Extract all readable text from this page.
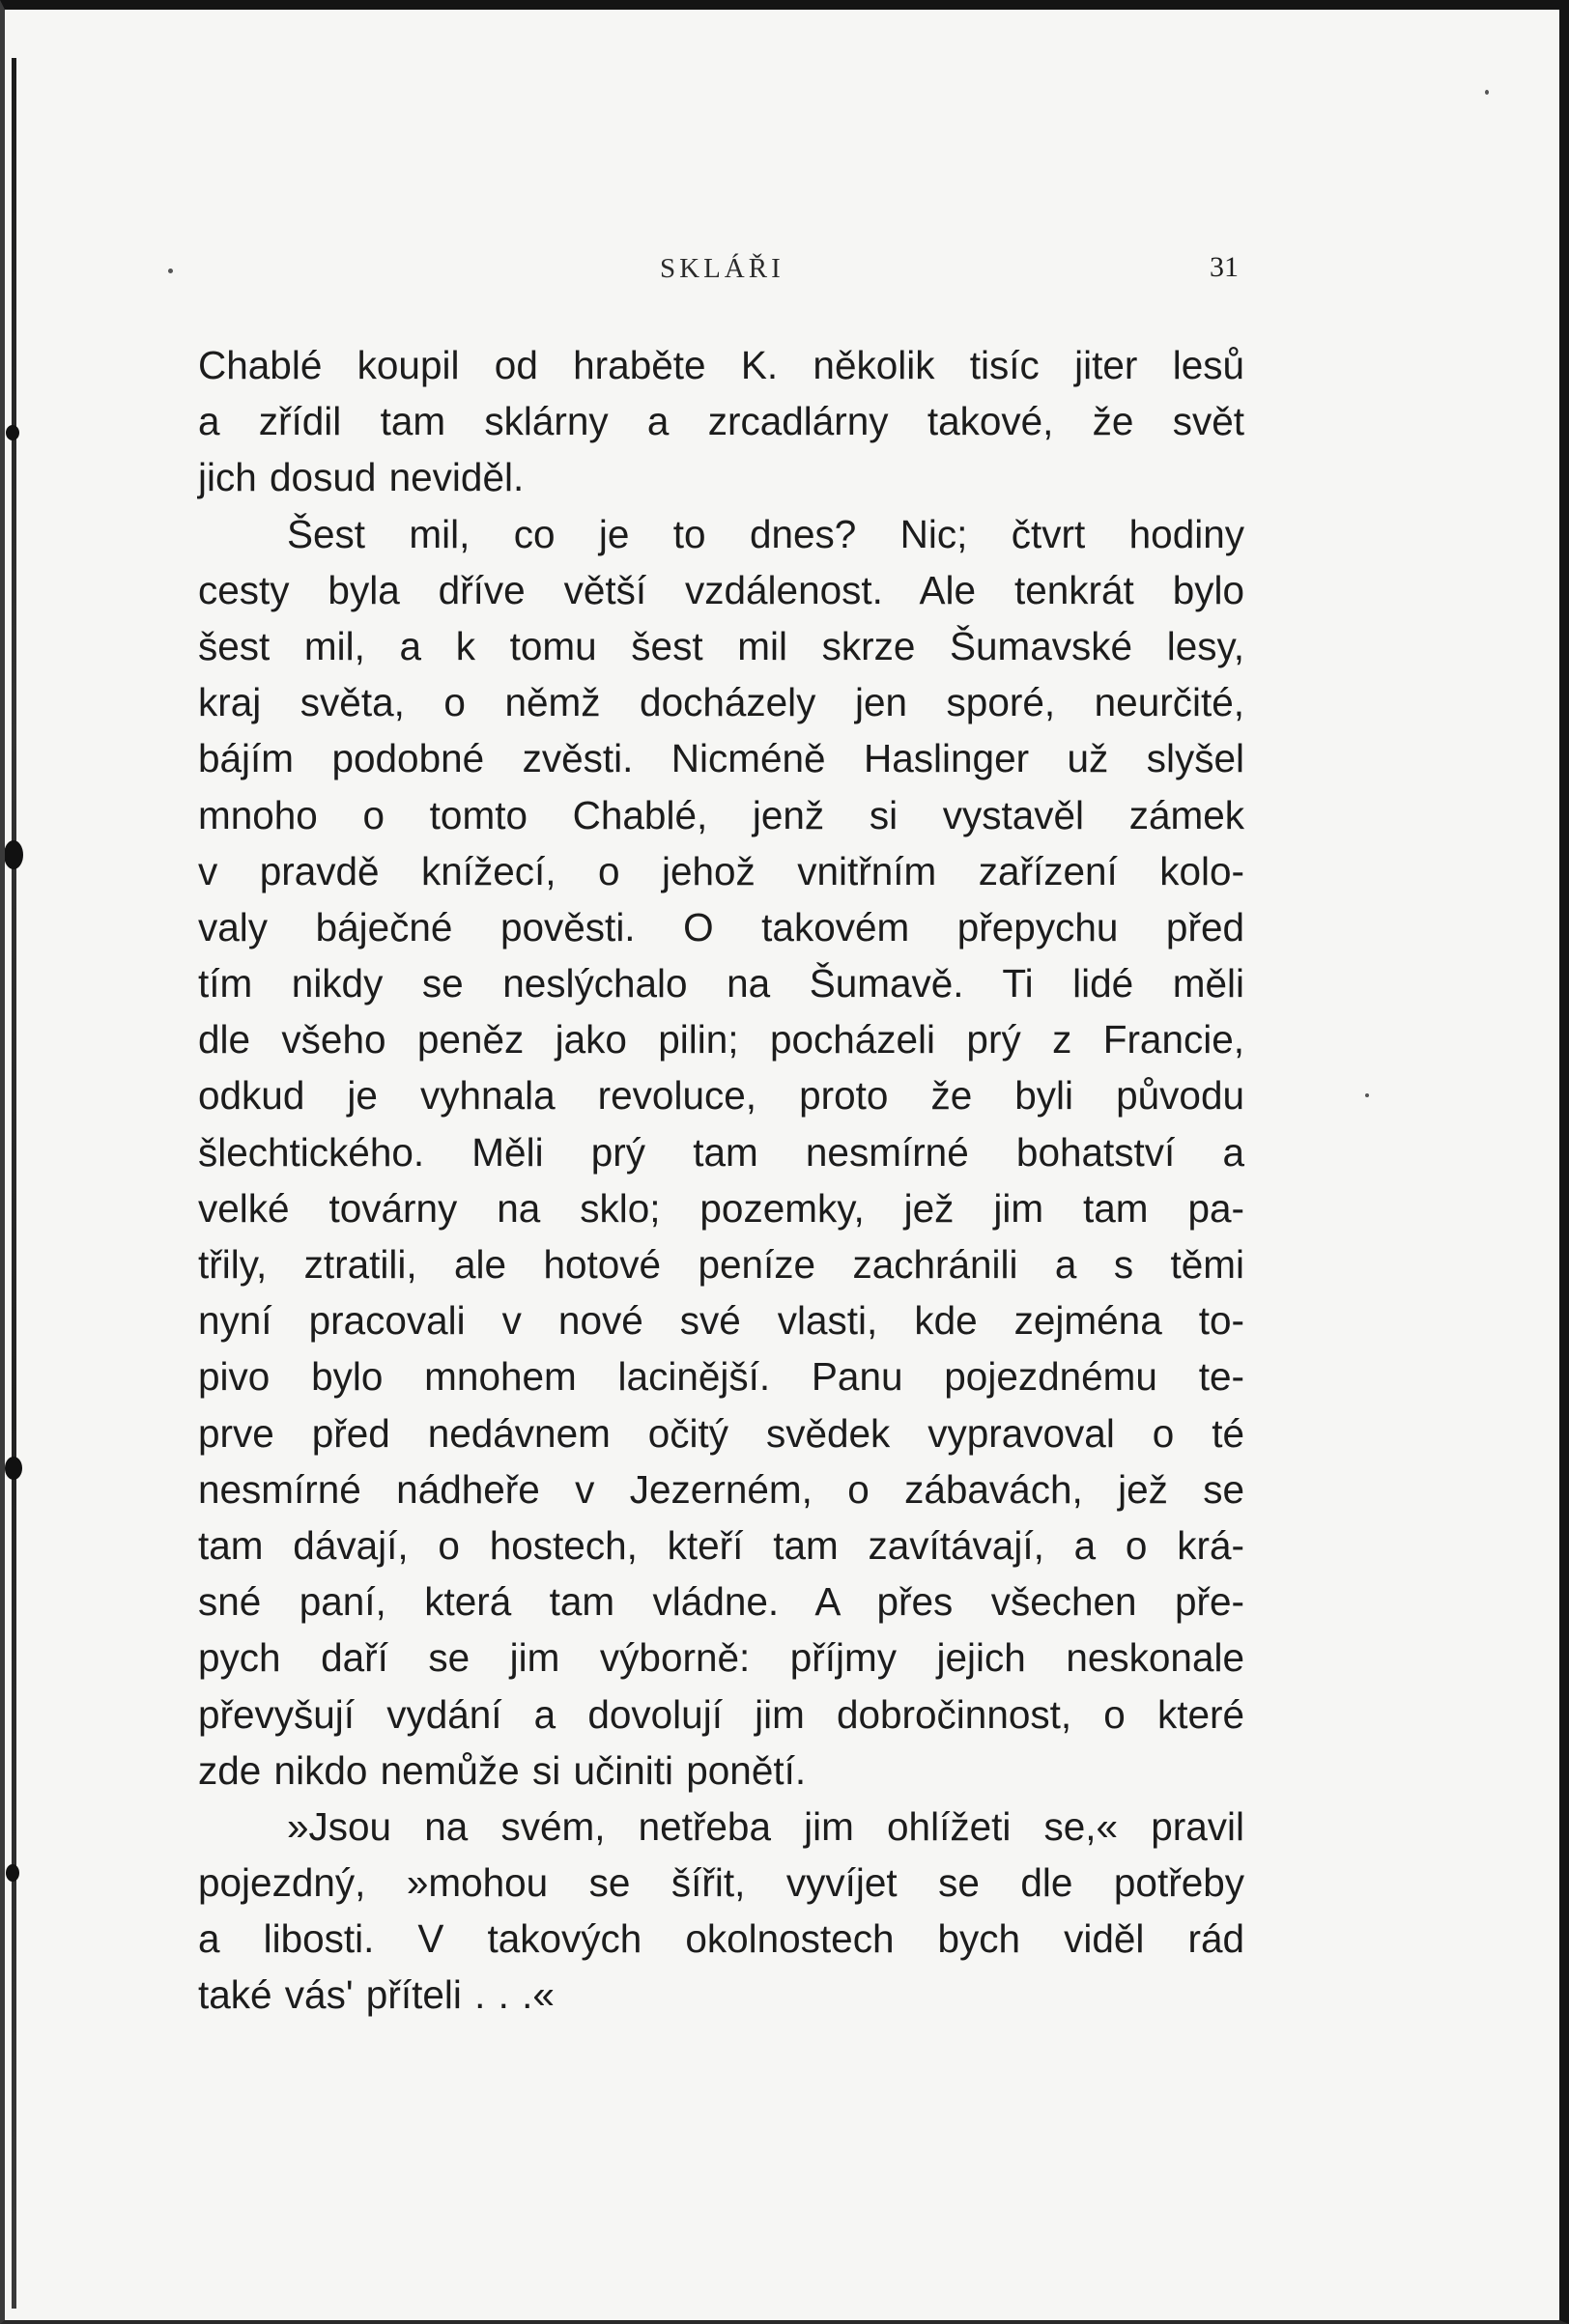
SKLÁŘI	31
Chablé koupil od hraběte K. několik tisíc jiter lesů
a zřídil tam sklárny a zrcadlárny takové, že svět
jich dosud neviděl.
Šest mil, co je to dnes? Nic; čtvrt hodiny
cesty byla dříve větší vzdálenost. Ale tenkrát bylo
šest mil, a k tomu šest mil skrze Šumavské lesy,
kraj světa, o němž docházely jen sporé, neurčité,
bájím podobné zvěsti. Nicméně Haslinger už slyšel
mnoho o tomto Chablé, jenž si vystavěl zámek
v pravdě knížecí, o jehož vnitřním zařízení kolo-
valy báječné pověsti. O takovém přepychu před
tím nikdy se neslýchalo na Šumavě. Ti lidé měli
dle všeho peněz jako pilin; pocházeli prý z Francie,
odkud je vyhnala revoluce, proto že byli původu
šlechtického. Měli prý tam nesmírné bohatství a
velké továrny na sklo; pozemky, jež jim tam pa-
třily, ztratili, ale hotové peníze zachránili a s těmi
nyní pracovali v nové své vlasti, kde zejména to-
pivo bylo mnohem lacinější. Panu pojezdnému te-
prve před nedávnem očitý svědek vypravoval o té
nesmírné nádheře v Jezerném, o zábavách, jež se
tam dávají, o hostech, kteří tam zavítávají, a o krá-
sné paní, která tam vládne. A přes všechen pře-
pych daří se jim výborně: příjmy jejich neskonale
převyšují vydání a dovolují jim dobročinnost, o které
zde nikdo nemůže si učiniti ponětí.
»Jsou na svém, netřeba jim ohlížeti se,« pravil
pojezdný, »mohou se šířit, vyvíjet se dle potřeby
a libosti. V takových okolnostech bych viděl rád
také vás' příteli . . .«
